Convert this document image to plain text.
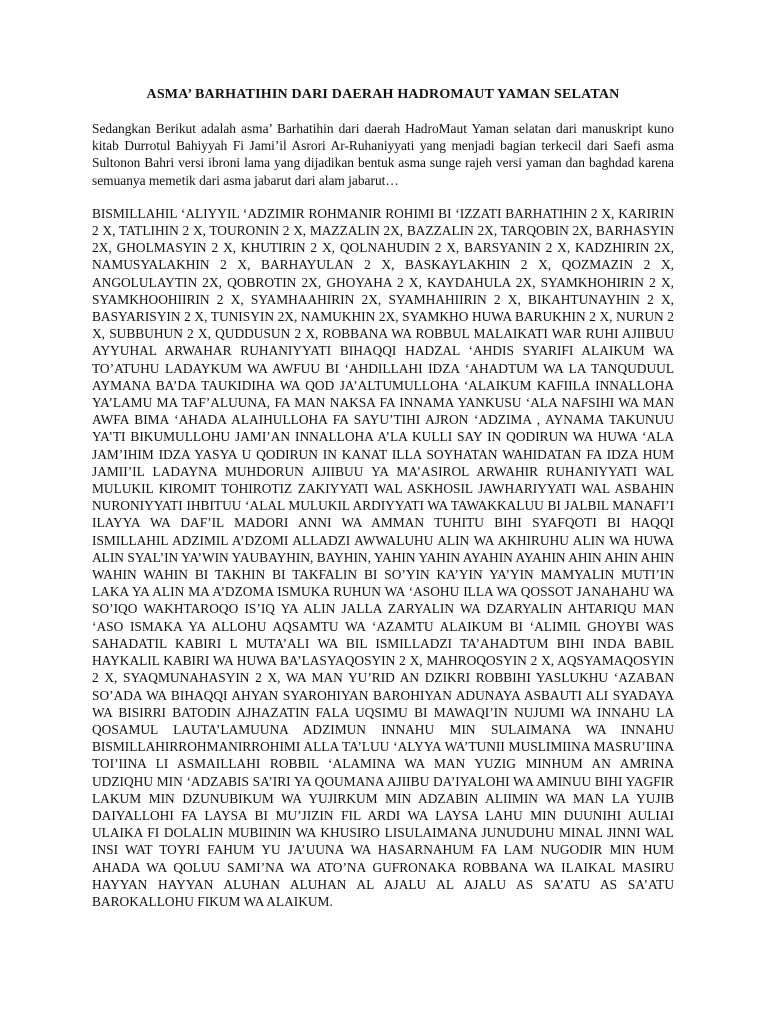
ASMA’ BARHATIHIN DARI DAERAH HADROMAUT YAMAN SELATAN

Sedangkan Berikut adalah asma’ Barhatihin dari daerah HadroMaut Yaman selatan dari manuskript kuno kitab Durrotul Bahiyyah Fi Jami’il Asrori Ar-Ruhaniyyati yang menjadi bagian terkecil dari Saefi asma Sultonon Bahri versi ibroni lama yang dijadikan bentuk asma sunge rajeh versi yaman dan baghdad karena semuanya memetik dari asma jabarut dari alam jabarut…

BISMILLAHIL ‘ALIYYIL ‘ADZIMIR ROHMANIR ROHIMI BI ‘IZZATI BARHATIHIN 2 X, KARIRIN 2 X, TATLIHIN 2 X, TOURONIN 2 X, MAZZALIN 2X, BAZZALIN 2X, TARQOBIN 2X, BARHASYIN 2X, GHOLMASYIN 2 X, KHUTIRIN 2 X, QOLNAHUDIN 2 X, BARSYANIN 2 X, KADZHIRIN 2X, NAMUSYALAKHIN 2 X, BARHAYULAN 2 X, BASKAYLAKHIN 2 X, QOZMAZIN 2 X, ANGOLULAYTIN 2X, QOBROTIN 2X, GHOYAHA 2 X, KAYDAHULA 2X, SYAMKHOHIRIN 2 X, SYAMKHOOHIIRIN 2 X, SYAMHAAHIRIN 2X, SYAMHAHIIRIN 2 X, BIKAHTUNAYHIN 2 X, BASYARISYIN 2 X, TUNISYIN 2X, NAMUKHIN 2X, SYAMKHO HUWA BARUKHIN 2 X, NURUN 2 X, SUBBUHUN 2 X, QUDDUSUN 2 X, ROBBANA WA ROBBUL MALAIKATI WAR RUHI AJIIBUU AYYUHAL ARWAHAR RUHANIYYATI BIHAQQI HADZAL ‘AHDIS SYARIFI ALAIKUM WA TO’ATUHU LADAYKUM WA AWFUU BI ‘AHDILLAHI IDZA ‘AHADTUM WA LA TANQUDUUL AYMANA BA’DA TAUKIDIHA WA QOD JA’ALTUMULLOHA ‘ALAIKUM KAFIILA INNALLOHA YA’LAMU MA TAF’ALUUNA, FA MAN NAKSA FA INNAMA YANKUSU ‘ALA NAFSIHI WA MAN AWFA BIMA ‘AHADA ALAIHULLOHA FA SAYU’TIHI AJRON ‘ADZIMA , AYNAMA TAKUNUU YA’TI BIKUMULLOHU JAMI’AN INNALLOHA A’LA KULLI SAY IN QODIRUN WA HUWA ‘ALA JAM’IHIM IDZA YASYA U QODIRUN IN KANAT ILLA SOYHATAN WAHIDATAN FA IDZA HUM JAMII’IL LADAYNA MUHDORUN AJIIBUU YA MA’ASIROL ARWAHIR RUHANIYYATI WAL MULUKIL KIROMIT TOHIROTIZ ZAKIYYATI WAL ASKHOSIL JAWHARIYYATI WAL ASBAHIN NURONIYYATI IHBITUU ‘ALAL MULUKIL ARDIYYATI WA TAWAKKALUU BI JALBIL MANAFI’I ILAYYA WA DAF’IL MADORI ANNI WA AMMAN TUHITU BIHI SYAFQOTI BI HAQQI ISMILLAHIL ADZIMIL A’DZOMI ALLADZI AWWALUHU ALIN WA AKHIRUHU ALIN WA HUWA ALIN SYAL’IN YA’WIN YAUBAYHIN, BAYHIN, YAHIN YAHIN AYAHIN AYAHIN AHIN AHIN AHIN WAHIN WAHIN BI TAKHIN BI TAKFALIN BI SO’YIN KA’YIN YA’YIN MAMYALIN MUTI’IN LAKA YA ALIN MA A’DZOMA ISMUKA RUHUN WA ‘ASOHU ILLA WA QOSSOT JANAHAHU WA SO’IQO WAKHTAROQO IS’IQ YA ALIN JALLA ZARYALIN WA DZARYALIN AHTARIQU MAN ‘ASO ISMAKA YA ALLOHU AQSAMTU WA ‘AZAMTU ALAIKUM BI ‘ALIMIL GHOYBI WAS SAHADATIL KABIRI L MUTA’ALI WA BIL ISMILLADZI TA’AHADTUM BIHI INDA BABIL HAYKALIL KABIRI WA HUWA BA’LASYAQOSYIN 2 X, MAHROQOSYIN 2 X, AQSYAMAQOSYIN 2 X, SYAQMUNAHASYIN 2 X, WA MAN YU’RID AN DZIKRI ROBBIHI YASLUKHU ‘AZABAN SO’ADA WA BIHAQQI AHYAN SYAROHIYAN BAROHIYAN ADUNAYA ASBAUTI ALI SYADAYA WA BISIRRI BATODIN AJHAZATIN FALA UQSIMU BI MAWAQI’IN NUJUMI WA INNAHU LA QOSAMUL LAUTA’LAMUUNA ADZIMUN INNAHU MIN SULAIMANA WA INNAHU BISMILLAHIRROHMANIRROHIMI ALLA TA’LUU ‘ALYYA WA’TUNII MUSLIMIINA MASRU’IINA TOI’IINA LI ASMAILLAHI ROBBIL ‘ALAMINA WA MAN YUZIG MINHUM AN AMRINA UDZIQHU MIN ‘ADZABIS SA’IRI YA QOUMANA AJIIBU DA’IYALOHI WA AMINUU BIHI YAGFIR LAKUM MIN DZUNUBIKUM WA YUJIRKUM MIN ADZABIN ALIIMIN WA MAN LA YUJIB DAIYALLOHI FA LAYSA BI MU’JIZIN FIL ARDI WA LAYSA LAHU MIN DUUNIHI AULIAI ULAIKA FI DOLALIN MUBIININ WA KHUSIRO LISULAIMANA JUNUDUHU MINAL JINNI WAL INSI WAT TOYRI FAHUM YU JA’UUNA WA HASARNAHUM FA LAM NUGODIR MIN HUM AHADA WA QOLUU SAMI’NA WA ATO’NA GUFRONAKA ROBBANA WA ILAIKAL MASIRU HAYYAN HAYYAN ALUHAN ALUHAN AL AJALU AL AJALU AS SA’ATU AS SA’ATU BAROKALLOHU FIKUM WA ALAIKUM.
